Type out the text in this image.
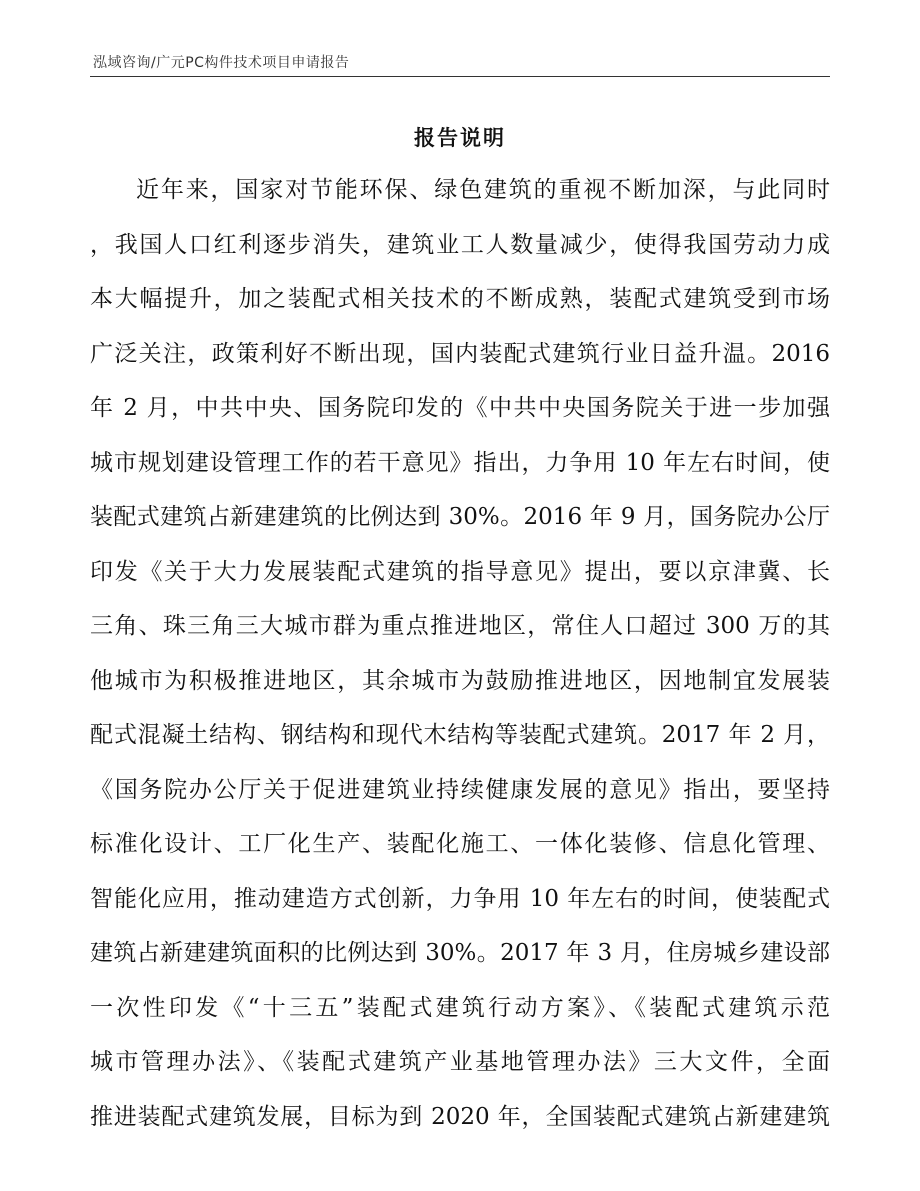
泓域咨询/广元PC构件技术项目申请报告
报告说明
近年来，国家对节能环保、绿色建筑的重视不断加深，与此同时
，我国人口红利逐步消失，建筑业工人数量减少，使得我国劳动力成
本大幅提升，加之装配式相关技术的不断成熟，装配式建筑受到市场
广泛关注，政策利好不断出现，国内装配式建筑行业日益升温。2016
年 2 月，中共中央、国务院印发的《中共中央国务院关于进一步加强
城市规划建设管理工作的若干意见》指出，力争用 10 年左右时间，使
装配式建筑占新建建筑的比例达到 30%。2016 年 9 月，国务院办公厅
印发《关于大力发展装配式建筑的指导意见》提出，要以京津冀、长
三角、珠三角三大城市群为重点推进地区，常住人口超过 300 万的其
他城市为积极推进地区，其余城市为鼓励推进地区，因地制宜发展装
配式混凝土结构、钢结构和现代木结构等装配式建筑。2017 年 2 月，
《国务院办公厅关于促进建筑业持续健康发展的意见》指出，要坚持
标准化设计、工厂化生产、装配化施工、一体化装修、信息化管理、
智能化应用，推动建造方式创新，力争用 10 年左右的时间，使装配式
建筑占新建建筑面积的比例达到 30%。2017 年 3 月，住房城乡建设部
一次性印发《“十三五”装配式建筑行动方案》、《装配式建筑示范
城市管理办法》、《装配式建筑产业基地管理办法》三大文件，全面
推进装配式建筑发展，目标为到 2020 年，全国装配式建筑占新建建筑
